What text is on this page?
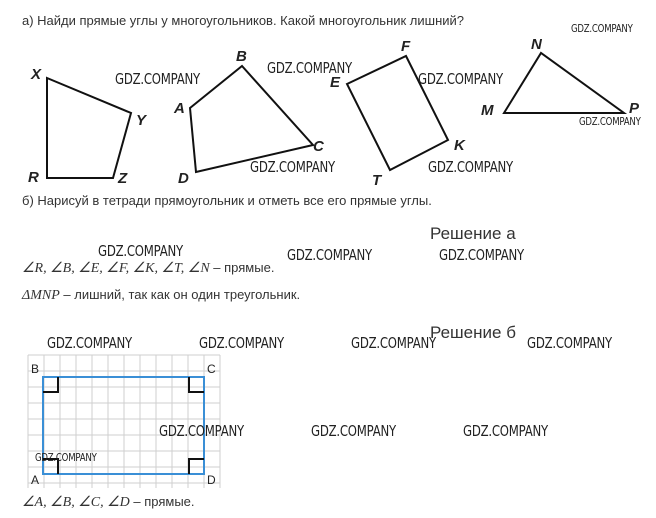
а) Найди прямые углы у многоугольников. Какой многоугольник лишний?
б) Нарисуй в тетради прямоугольник и отметь все его прямые углы.
X
Y
Z
R
A
B
C
D
E
F
K
T
M
N
P
Решение а
∠R, ∠B, ∠E, ∠F, ∠K, ∠T, ∠N – прямые.
ΔMNP – лишний, так как он один треугольник.
Решение б
B	C
A	D
∠A, ∠B, ∠C, ∠D – прямые.
GDZ.COMPANY
GDZ.COMPANY
GDZ.COMPANY
GDZ.COMPANY
GDZ.COMPANY
GDZ.COMPANY	GDZ.COMPANY
GDZ.COMPANY	GDZ.COMPANY	GDZ.COMPANY
GDZ.COMPANY	GDZ.COMPANY	GDZ.COMPANY	GDZ.COMPANY
GDZ.COMPANY	GDZ.COMPANY	GDZ.COMPANY
GDZ.COMPANY
